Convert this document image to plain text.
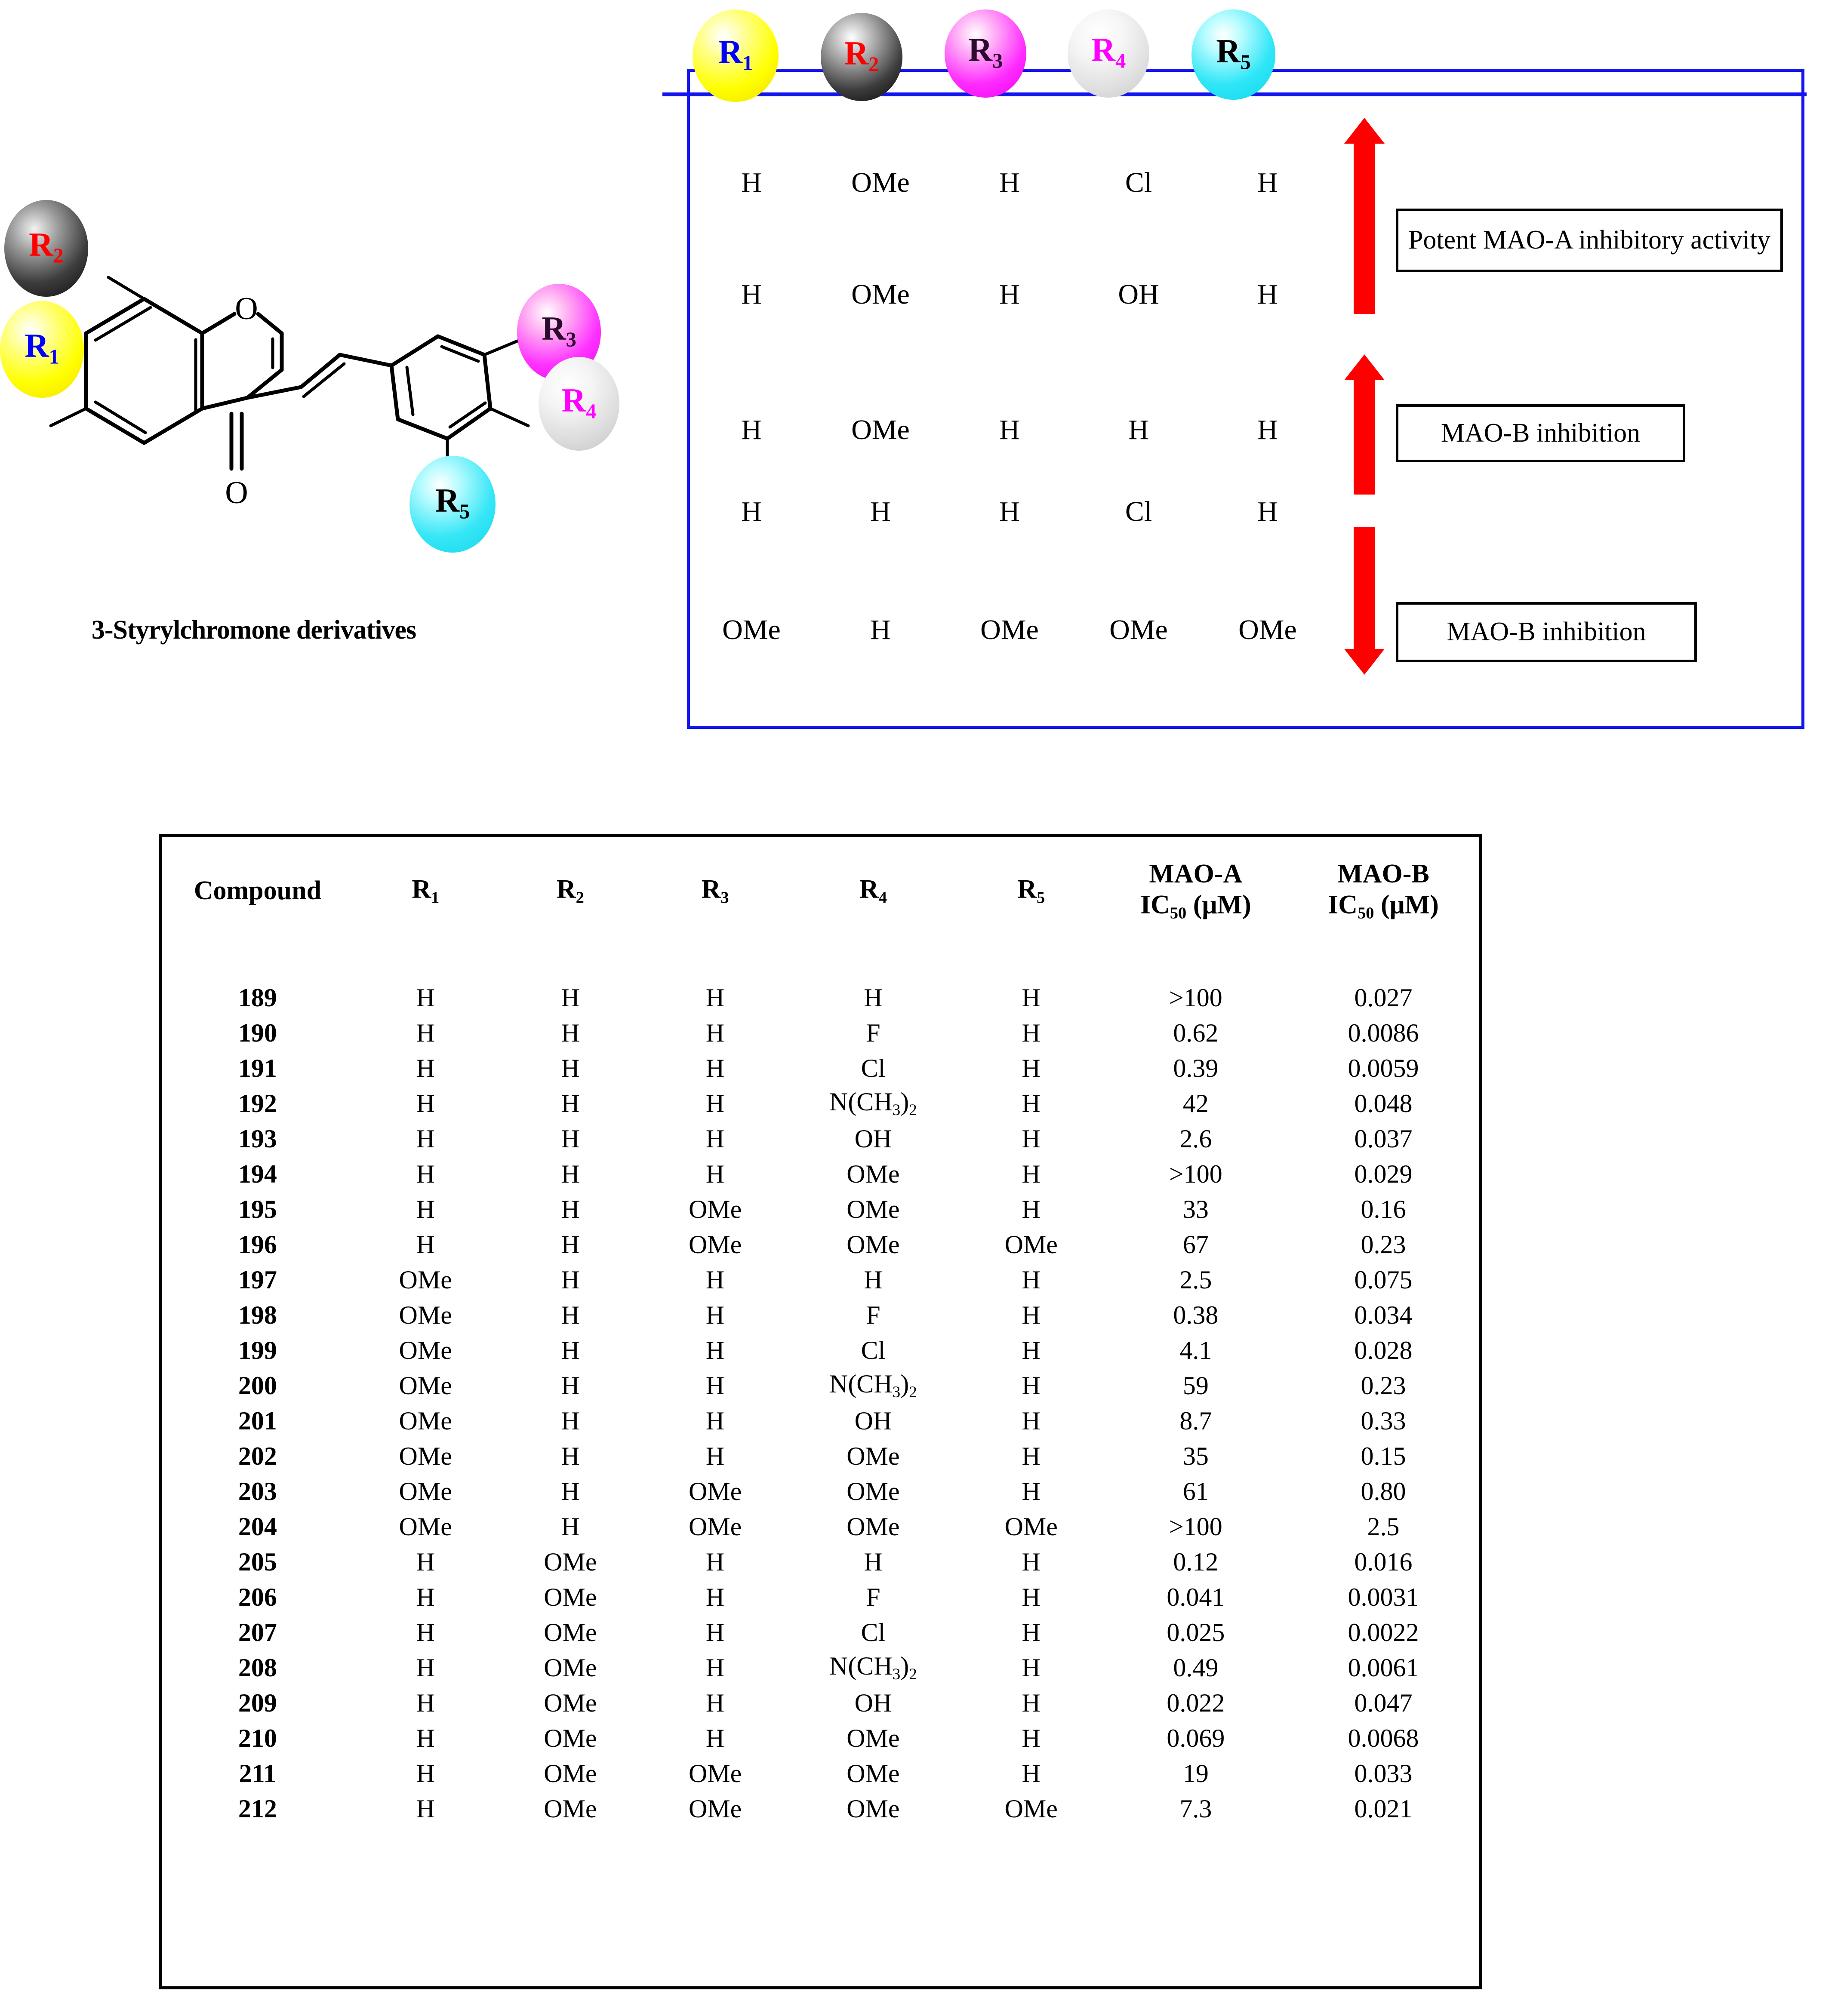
O
O
$R_2$
$R_1$
$R_3$
$R_4$
$R_5$
3-Styrylchromone derivatives
$R_1$	$R_2$	$R_3$	$R_4$	$R_5$
H	OMe	H	Cl	H
H	OMe	H	OH	H
H	OMe	H	H	H
H	H	H	Cl	H
OMe	H	OMe	OMe	OMe
Potent MAO-A inhibitory activity
MAO-B inhibition
MAO-B inhibition
Compound	$R_1$	$R_2$	$R_3$	$R_4$	$R_5$	
MAO-A
$IC_{50}$ (μM)

MAO-B
$IC_{50}$ (μM)

189	H	H	H	H	H	>100	0.027
190	H	H	H	F	H	0.62	0.0086
191	H	H	H	Cl	H	0.39	0.0059
192	H	H	H	$N(CH_3)_2$	H	42	0.048
193	H	H	H	OH	H	2.6	0.037
194	H	H	H	OMe	H	>100	0.029
195	H	H	OMe	OMe	H	33	0.16
196	H	H	OMe	OMe	OMe	67	0.23
197	OMe	H	H	H	H	2.5	0.075
198	OMe	H	H	F	H	0.38	0.034
199	OMe	H	H	Cl	H	4.1	0.028
200	OMe	H	H	$N(CH_3)_2$	H	59	0.23
201	OMe	H	H	OH	H	8.7	0.33
202	OMe	H	H	OMe	H	35	0.15
203	OMe	H	OMe	OMe	H	61	0.80
204	OMe	H	OMe	OMe	OMe	>100	2.5
205	H	OMe	H	H	H	0.12	0.016
206	H	OMe	H	F	H	0.041	0.0031
207	H	OMe	H	Cl	H	0.025	0.0022
208	H	OMe	H	$N(CH_3)_2$	H	0.49	0.0061
209	H	OMe	H	OH	H	0.022	0.047
210	H	OMe	H	OMe	H	0.069	0.0068
211	H	OMe	OMe	OMe	H	19	0.033
212	H	OMe	OMe	OMe	OMe	7.3	0.021
